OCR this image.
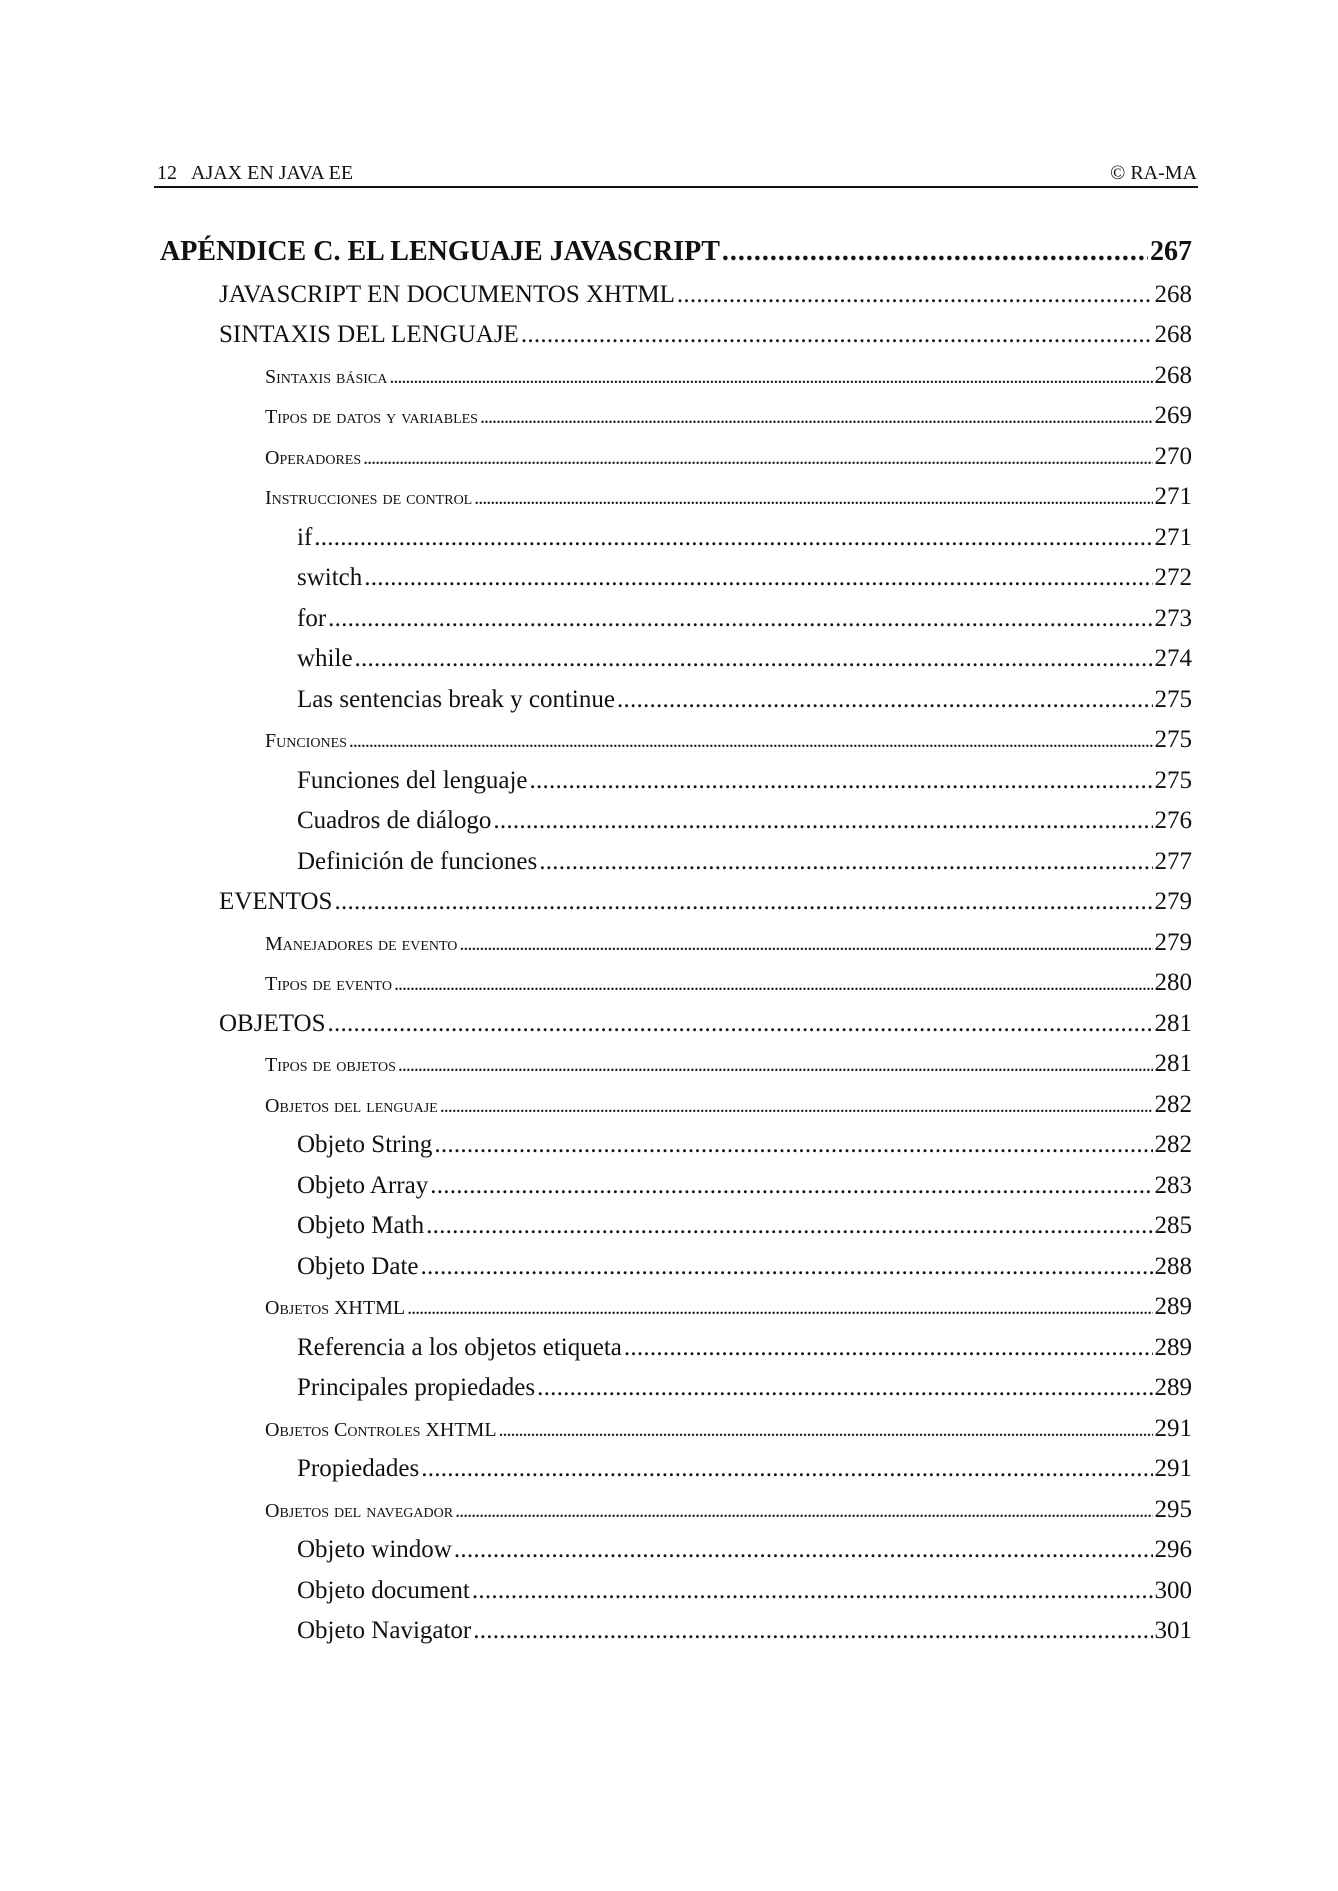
12 AJAX EN JAVA EE	© RA-MA
APÉNDICE C. EL LENGUAJE JAVASCRIPT . . .	267
JAVASCRIPT EN DOCUMENTOS XHTML . . .	268
SINTAXIS DEL LENGUAJE . . .	268
Sintaxis básica . . .	268
Tipos de datos y variables . . .	269
Operadores . . .	270
Instrucciones de control . . .	271
if . . .	271
switch . . .	272
for . . .	273
while . . .	274
Las sentencias break y continue . . .	275
Funciones . . .	275
Funciones del lenguaje . . .	275
Cuadros de diálogo . . .	276
Definición de funciones . . .	277
EVENTOS . . .	279
Manejadores de evento . . .	279
Tipos de evento . . .	280
OBJETOS . . .	281
Tipos de objetos . . .	281
Objetos del lenguaje . . .	282
Objeto String . . .	282
Objeto Array . . .	283
Objeto Math . . .	285
Objeto Date . . .	288
Objetos XHTML . . .	289
Referencia a los objetos etiqueta . . .	289
Principales propiedades . . .	289
Objetos Controles XHTML . . .	291
Propiedades . . .	291
Objetos del navegador . . .	295
Objeto window . . .	296
Objeto document . . .	300
Objeto Navigator . . .	301
